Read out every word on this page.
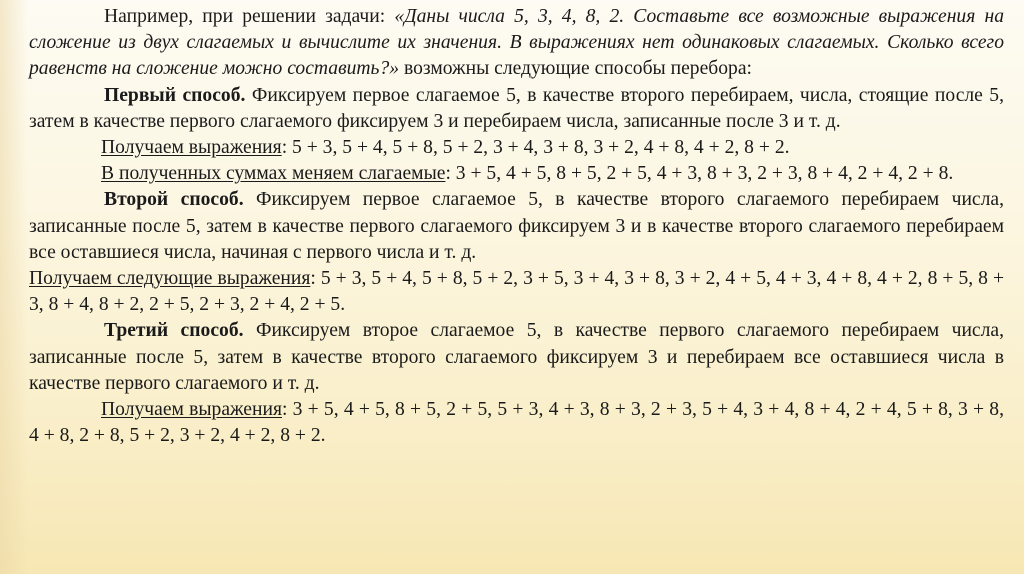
Например, при решении задачи: «Даны числа 5, 3, 4, 8, 2. Составьте все возможные выражения на сложение из двух слагаемых и вычислите их значения. В выражениях нет одинаковых слагаемых. Сколько всего равенств на сложение можно составить?» возможны следующие способы перебора:

Первый способ. Фиксируем первое слагаемое 5, в качестве второго перебираем, числа, стоящие после 5, затем в качестве первого слагаемого фиксируем 3 и перебираем числа, записанные после 3 и т. д.

Получаем выражения: 5 + 3, 5 + 4, 5 + 8, 5 + 2, 3 + 4, 3 + 8, 3 + 2, 4 + 8, 4 + 2, 8 + 2.

В полученных суммах меняем слагаемые: 3 + 5, 4 + 5, 8 + 5, 2 + 5, 4 + 3, 8 + 3, 2 + 3, 8 + 4, 2 + 4, 2 + 8.

Второй способ. Фиксируем первое слагаемое 5, в качестве второго слагаемого перебираем числа, записанные после 5, затем в качестве первого слагаемого фиксируем 3 и в качестве второго слагаемого перебираем все оставшиеся числа, начиная с первого числа и т. д.

Получаем следующие выражения: 5 + 3, 5 + 4, 5 + 8, 5 + 2, 3 + 5, 3 + 4, 3 + 8, 3 + 2, 4 + 5, 4 + 3, 4 + 8, 4 + 2, 8 + 5, 8 + 3, 8 + 4, 8 + 2, 2 + 5, 2 + 3, 2 + 4, 2 + 5.

Третий способ. Фиксируем второе слагаемое 5, в качестве первого слагаемого перебираем числа, записанные после 5, затем в качестве второго слагаемого фиксируем 3 и перебираем все оставшиеся числа в качестве первого слагаемого и т. д.

Получаем выражения: 3 + 5, 4 + 5, 8 + 5, 2 + 5, 5 + 3, 4 + 3, 8 + 3, 2 + 3, 5 + 4, 3 + 4, 8 + 4, 2 + 4, 5 + 8, 3 + 8, 4 + 8, 2 + 8, 5 + 2, 3 + 2, 4 + 2, 8 + 2.
